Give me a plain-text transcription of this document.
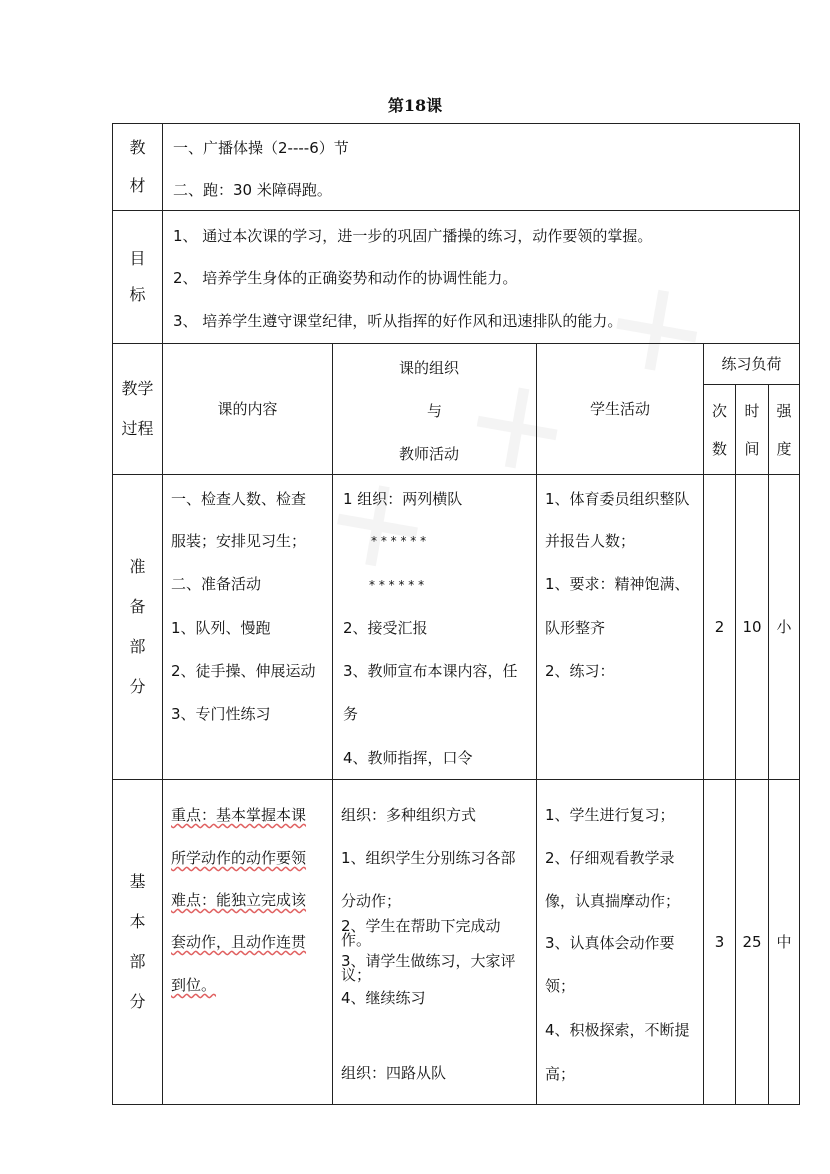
第18课
教
材
一、广播体操（2----6）节
二、跑：30 米障碍跑。
目
标
1、 通过本次课的学习，进一步的巩固广播操的练习，动作要领的掌握。
2、 培养学生身体的正确姿势和动作的协调性能力。
3、 培养学生遵守课堂纪律，听从指挥的好作风和迅速排队的能力。
教学
过程
课的内容
课的组织
与
教师活动
学生活动
练习负荷
次
数
时
间
强
度
准
备
部
分
一、检查人数、检查
服装；安排见习生；
二、准备活动
1、队列、慢跑
2、徒手操、伸展运动
3、专门性练习
1 组织：两列横队
* * * * * *
* * * * * *
2、接受汇报
3、教师宣布本课内容，任
务
4、教师指挥，口令
1、体育委员组织整队
并报告人数；
1、要求：精神饱满、
队形整齐
2、练习：
2	10 小
基
本
部
分
重点：基本掌握本课
所学动作的动作要领
难点：能独立完成该
套动作，且动作连贯
到位。
组织：多种组织方式
1、组织学生分别练习各部
分动作；
2、学生在帮助下完成动
作。
3、请学生做练习，大家评
议；
4、继续练习
组织：四路从队
1、学生进行复习；
2、仔细观看教学录
像，认真揣摩动作；
3、认真体会动作要
领；
4、积极探索，不断提
高；
3	25 中
